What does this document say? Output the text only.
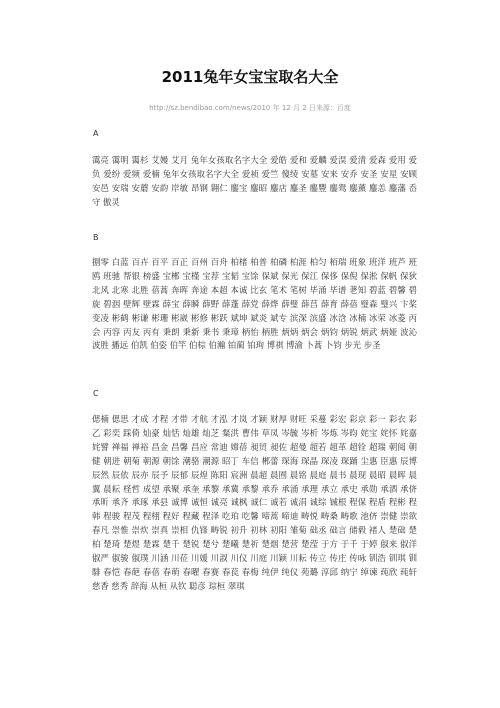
2011兔年女宝宝取名大全
http://sz.bendibao.com/news/2010 年 12 月 2 日来源：百度
A
霭亮 霭明 霭杉 艾嫚 艾月 兔年女孩取名字大全 爱皓 爱和 爱麟 爱淏 爱清 爱森 爱用 爱负 爱纷 爱频 爱楠 兔年女孩取名字大全 爱祯 爱竺 傻绫 安墓 安来 安乔 安圣 安星 安顾 安邑 安瑞 安蘑 安韵 岸敏 昂钢 翱仁 鏖宝 鏖昭 鏖店 鏖圣 鏖豐 鏖鸳 鏖薰 鏖恙 鏖藩 岙守 傲灵
B
捌零 白蓝 百卉 百平 百正 百州 百舟 柏楮 柏普 柏磷 柏涯 柏匀 栢瑞 班象 班洋 班芦 班鸥 班驰 帮银 榜盛 宝郴 宝槿 宝荐 宝韬 宝馀 保斌 保光 保江 保侈 保倪 保淞 保帆 保狄 北风 北寒 北胜 蓓蒿 奔晖 奔途 本超 本诚 比玄 笔术 笔树 毕涌 毕谱 荖知 碧蓝 碧馨 碧旋 碧洇 壁辉 壁霖 薛宝 薛瞬 薛野 薛蓬 薛党 薛烨 薛璧 薛莒 薛育 薛蓓 璧森 璧兴 卞桨 变凌 彬鹤 彬谦 彬珊 彬崴 彬修 彬跃 斌坤 斌炎 斌专 滨深 滨盛 冰浛 冰楠 冰荣 冰菱 丙会 丙容 丙友 丙有 秉朗 秉新 秉书 秉璋 柄怡 柄胜 炳炳 炳会 炳钧 炳锐 炳武 炳娅 波沁 波胜 播远 伯凯 伯姿 伯竿 伯棕 伯瀚 铂蔺 铂珣 博祺 博渝 卜蒿 卜钧 步光 步圣
C
偲楠 偲思 才成 才程 才带 才航 才泓 才岚 才颖 财厚 财旺 采蔓 彩宏 彩京 彩一 彩衣 彩乙 彩奕 踩倚 灿豪 灿恬 灿雄 灿芝 粲洪 曹伟 草凤 岑毓 岑析 岑炼 岑昀 姹宝 姹怀 姹嘉 姹譬 禅福 禅裕 昌金 昌馨 昌应 常迪 嫦蓓 昶贸 昶佐 超曼 超若 超革 超铨 超瑞 朝阅 朝健 朝进 朝菊 朝源 朝馀 潮骆 潮源 昭丁 车信 郴蕾 琛海 琛晶 琛凌 琛踊 尘惠 臣惠 辰博 辰然 辰依 辰亦 辰予 辰郁 辰煌 陈阳 宸洲 晨超 晨囿 晨铭 晨庭 晨书 晨现 晨昭 晨晖 晨翼 晨耘 柽哲 成望 承聚 承奎 承黎 承冀 承黎 承乔 承涌 承理 承立 承史 承勋 承酒 承侪 承昕 承齐 承琢 承县 诚博 诚恒 诚亮 诚枫 诚仁 诚若 诚涓 诚综 铖根 程保 程盾 程彬 程韩 程骏 程茂 程栩 程好 程藏 程泽 吃珀 吃馨 啼蒿 啼迪 畴悦 畴桑 畴歌 池侪 崇健 崇欲 春凡 崇惟 崇炊 崇真 崇相 仇锋 畴锐 初升 初林 初阳 雏菊 础丞 础言 储毅 褚人 楚础 楚柏 楚琦 楚煜 楚霖 楚千 楚锐 楚兮 楚曦 楚祈 楚烟 楚营 楚滢 于方 于千 于婷 俶来 俶洋 俶严 俶骏 俶璞 川涵 川莅 川媛 川淑 川仪 川庭 川颖 川耘 传立 传庄 传咏 钏浩 钏琪 钏騑 春恺 春葩 春蓓 春萌 春曜 春赛 春苠 春梅 纯伊 纯仪 苑璐 淳邱 纳宁 绰谏 莼欣 莼轩 慈香 慈秀 辞海 从桓 从钦 聪彦 琮桓 翠琪
